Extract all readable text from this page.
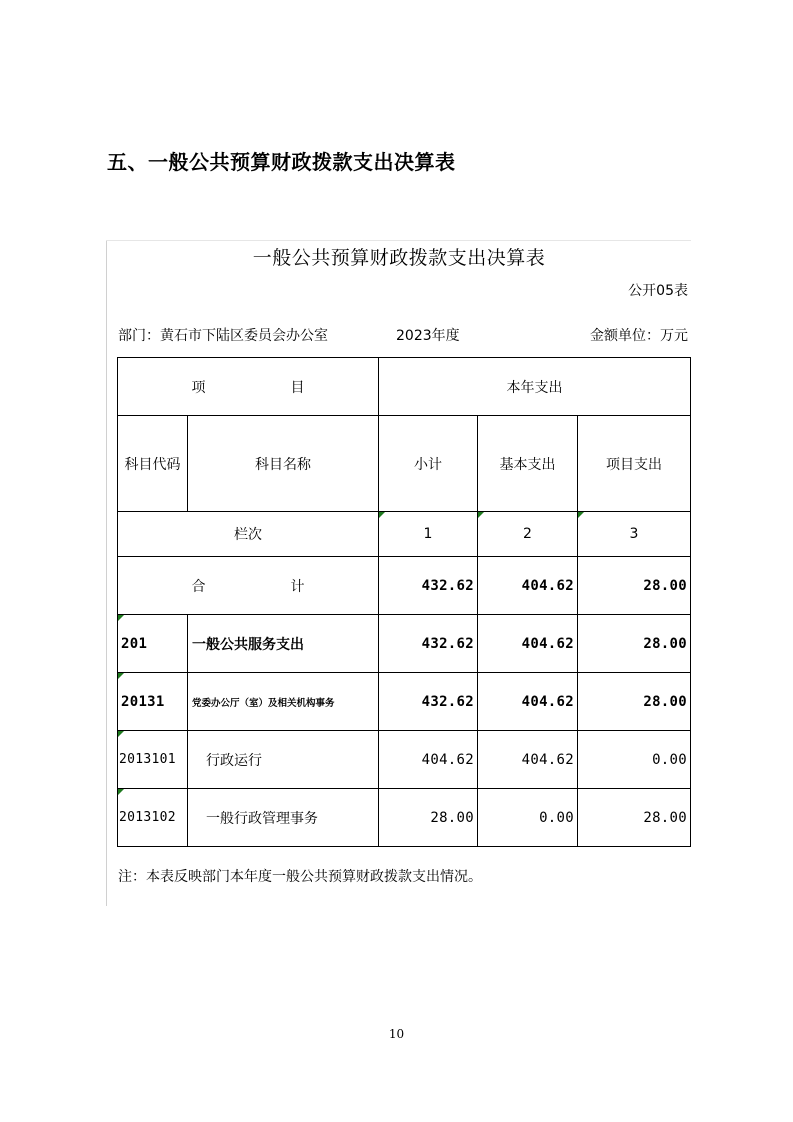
五、一般公共预算财政拨款支出决算表
一般公共预算财政拨款支出决算表
公开05表
部门：黄石市下陆区委员会办公室	2023年度	金额单位：万元
项 目		本年支出		
科目代码	科目名称	小计	基本支出	项目支出
栏次		1	2	3
合 计		432.62	404.62	28.00
201	一般公共服务支出	432.62	404.62	28.00
20131	党委办公厅（室）及相关机构事务	432.62	404.62	28.00
2013101	行政运行	404.62	404.62	0.00
2013102	一般行政管理事务	28.00	0.00	28.00
注：本表反映部门本年度一般公共预算财政拨款支出情况。
10
